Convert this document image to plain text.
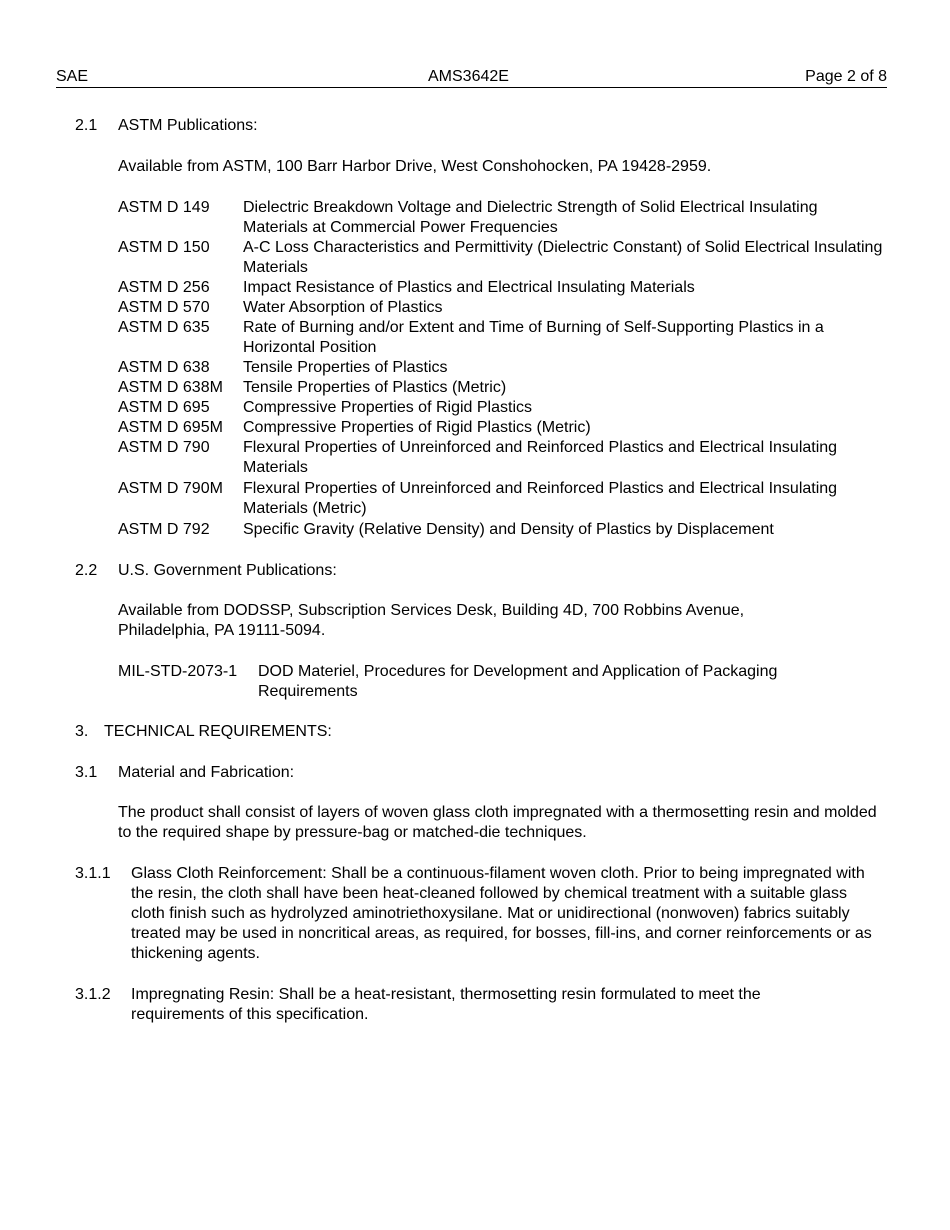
SAE	AMS3642E	Page 2 of 8
2.1 ASTM Publications:
Available from ASTM, 100 Barr Harbor Drive, West Conshohocken, PA 19428-2959.
ASTM D 149 Dielectric Breakdown Voltage and Dielectric Strength of Solid Electrical Insulating Materials at Commercial Power Frequencies
ASTM D 150 A-C Loss Characteristics and Permittivity (Dielectric Constant) of Solid Electrical Insulating Materials
ASTM D 256 Impact Resistance of Plastics and Electrical Insulating Materials
ASTM D 570 Water Absorption of Plastics
ASTM D 635 Rate of Burning and/or Extent and Time of Burning of Self-Supporting Plastics in a Horizontal Position
ASTM D 638 Tensile Properties of Plastics
ASTM D 638M Tensile Properties of Plastics (Metric)
ASTM D 695 Compressive Properties of Rigid Plastics
ASTM D 695M Compressive Properties of Rigid Plastics (Metric)
ASTM D 790 Flexural Properties of Unreinforced and Reinforced Plastics and Electrical Insulating Materials
ASTM D 790M Flexural Properties of Unreinforced and Reinforced Plastics and Electrical Insulating Materials (Metric)
ASTM D 792 Specific Gravity (Relative Density) and Density of Plastics by Displacement
2.2 U.S. Government Publications:
Available from DODSSP, Subscription Services Desk, Building 4D, 700 Robbins Avenue, Philadelphia, PA 19111-5094.
MIL-STD-2073-1 DOD Materiel, Procedures for Development and Application of Packaging Requirements
3. TECHNICAL REQUIREMENTS:
3.1 Material and Fabrication:
The product shall consist of layers of woven glass cloth impregnated with a thermosetting resin and molded to the required shape by pressure-bag or matched-die techniques.
3.1.1 Glass Cloth Reinforcement: Shall be a continuous-filament woven cloth. Prior to being impregnated with the resin, the cloth shall have been heat-cleaned followed by chemical treatment with a suitable glass cloth finish such as hydrolyzed aminotriethoxysilane. Mat or unidirectional (nonwoven) fabrics suitably treated may be used in noncritical areas, as required, for bosses, fill-ins, and corner reinforcements or as thickening agents.
3.1.2 Impregnating Resin: Shall be a heat-resistant, thermosetting resin formulated to meet the requirements of this specification.
